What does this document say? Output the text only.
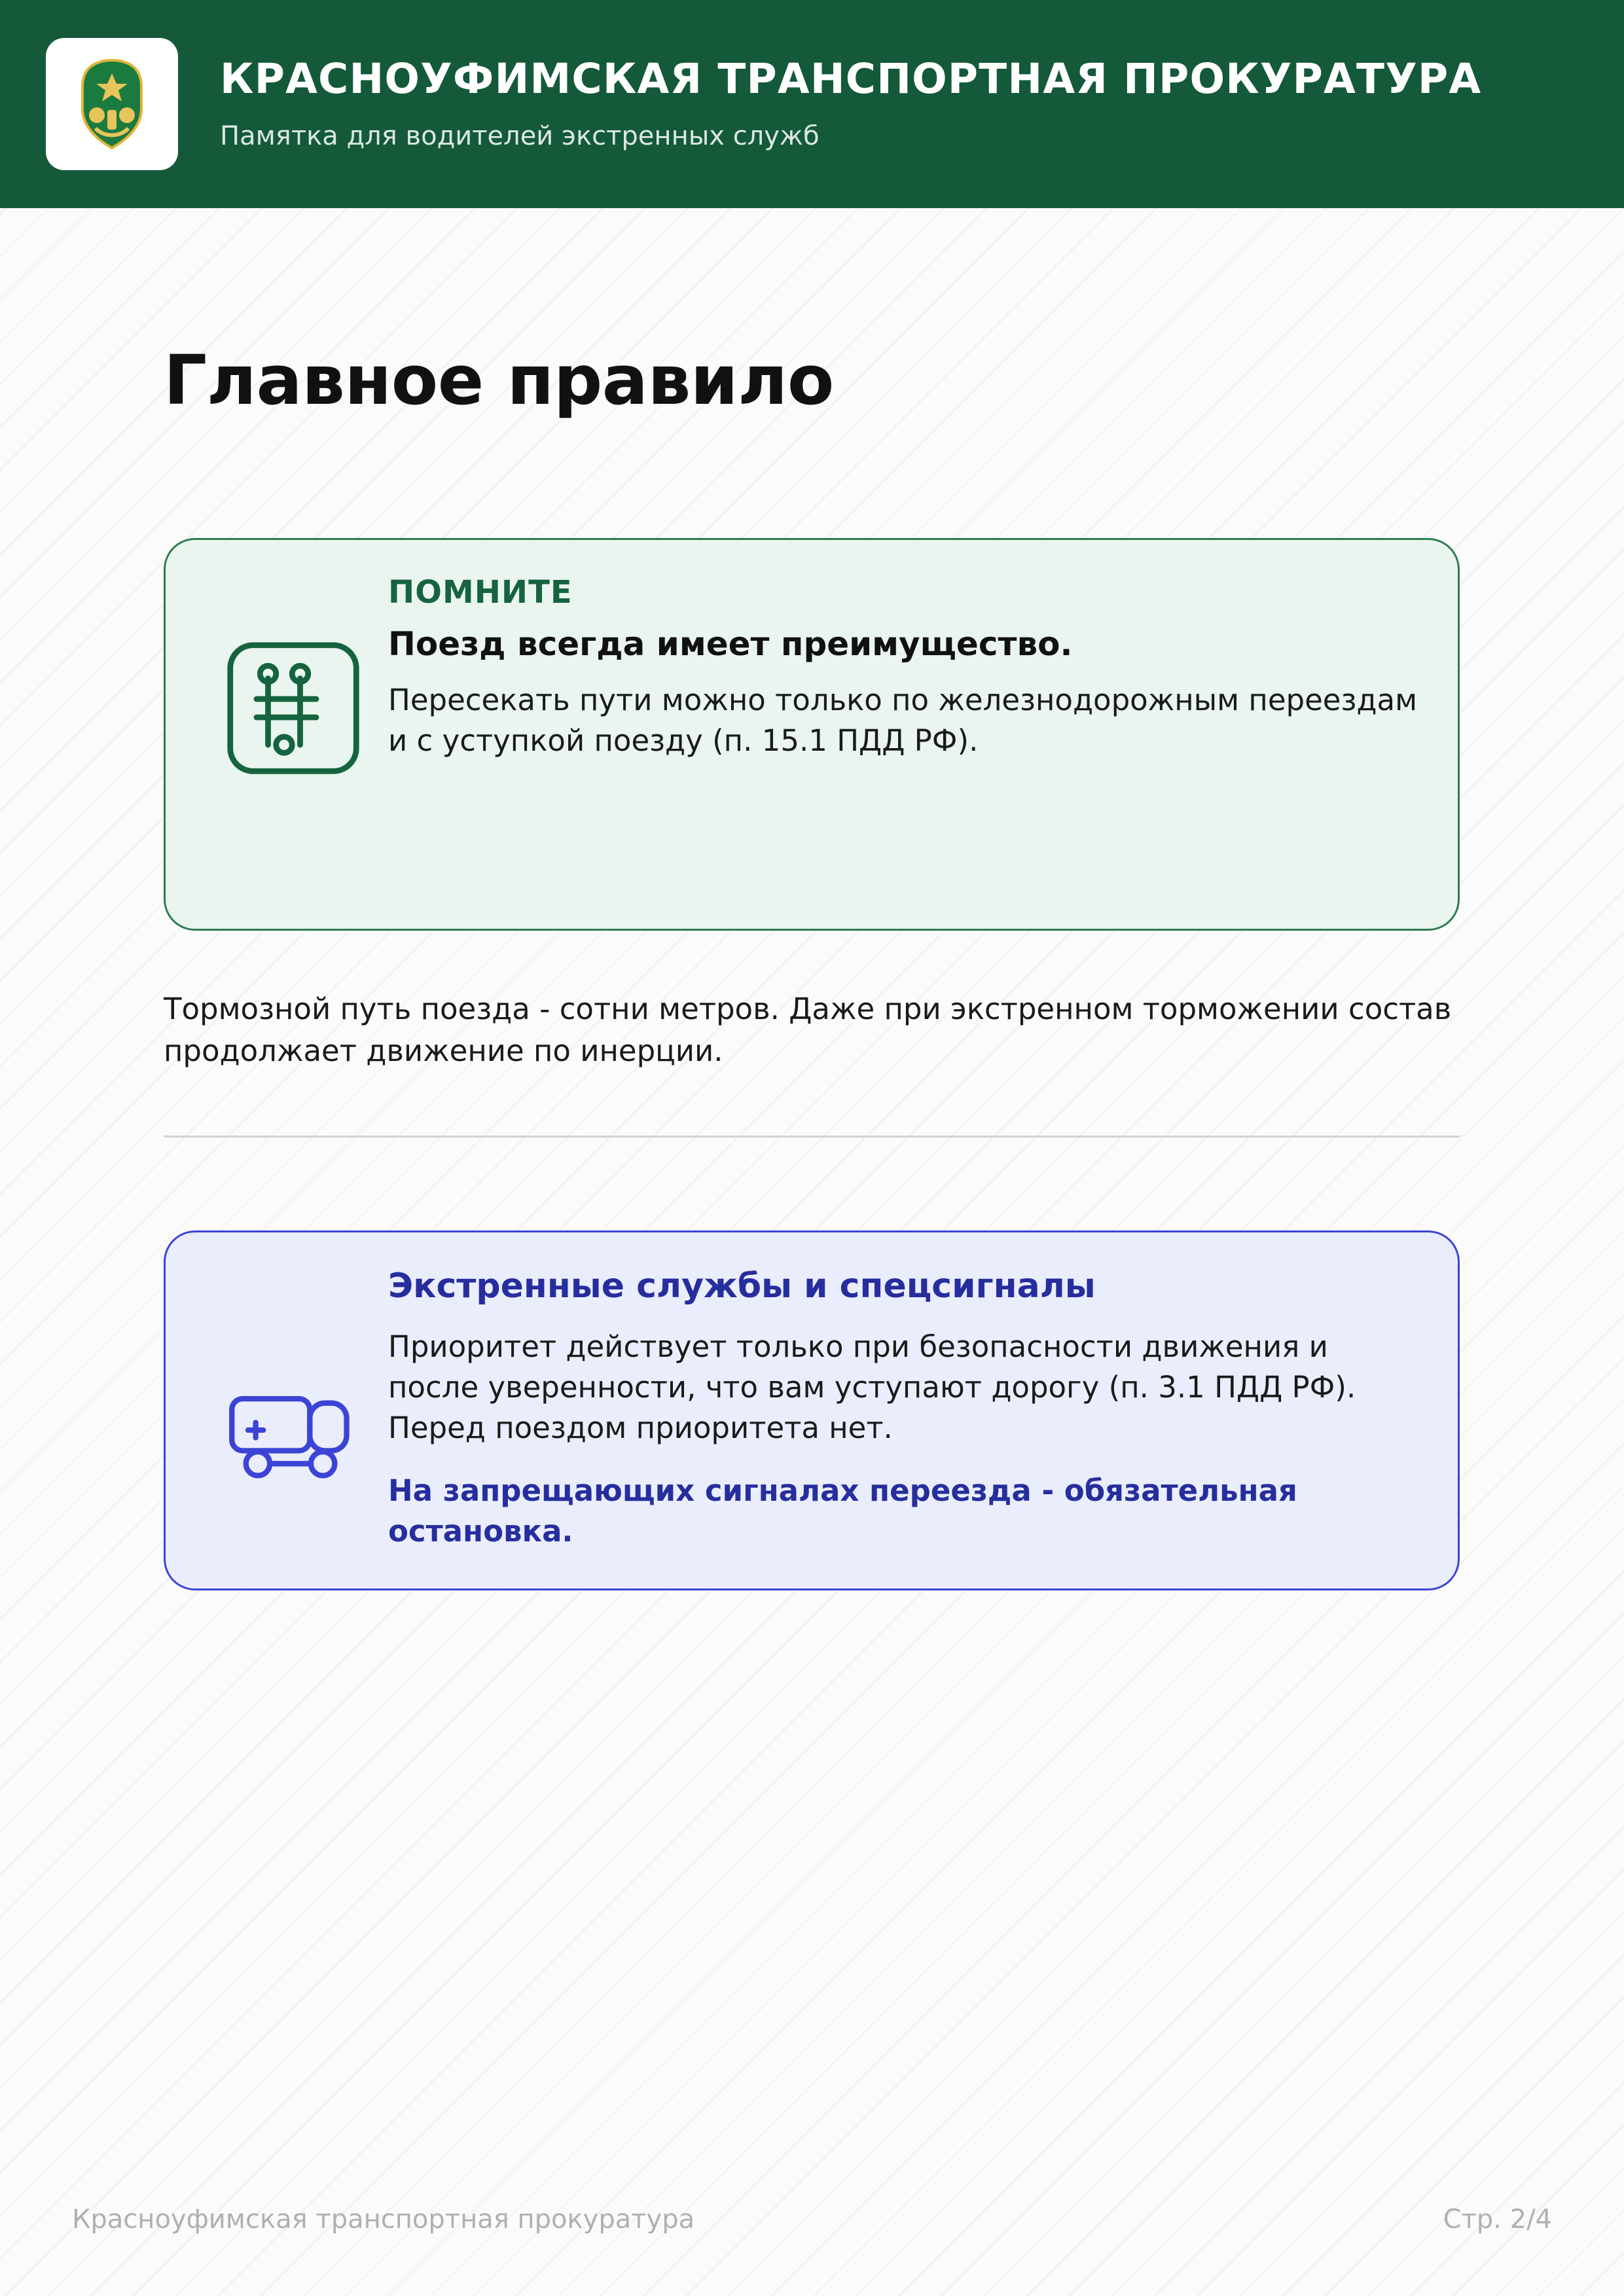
КРАСНОУФИМСКАЯ ТРАНСПОРТНАЯ ПРОКУРАТУРА
Памятка для водителей экстренных служб
Главное правило
ПОМНИТЕ
Поезд всегда имеет преимущество.
Пересекать пути можно только по железнодорожным переездам и с уступкой поезду (п. 15.1 ПДД РФ).
Тормозной путь поезда - сотни метров. Даже при экстренном торможении состав продолжает движение по инерции.
Экстренные службы и спецсигналы
Приоритет действует только при безопасности движения и после уверенности, что вам уступают дорогу (п. 3.1 ПДД РФ). Перед поездом приоритета нет.
На запрещающих сигналах переезда - обязательная остановка.
Красноуфимская транспортная прокуратура	Стр. 2/4
